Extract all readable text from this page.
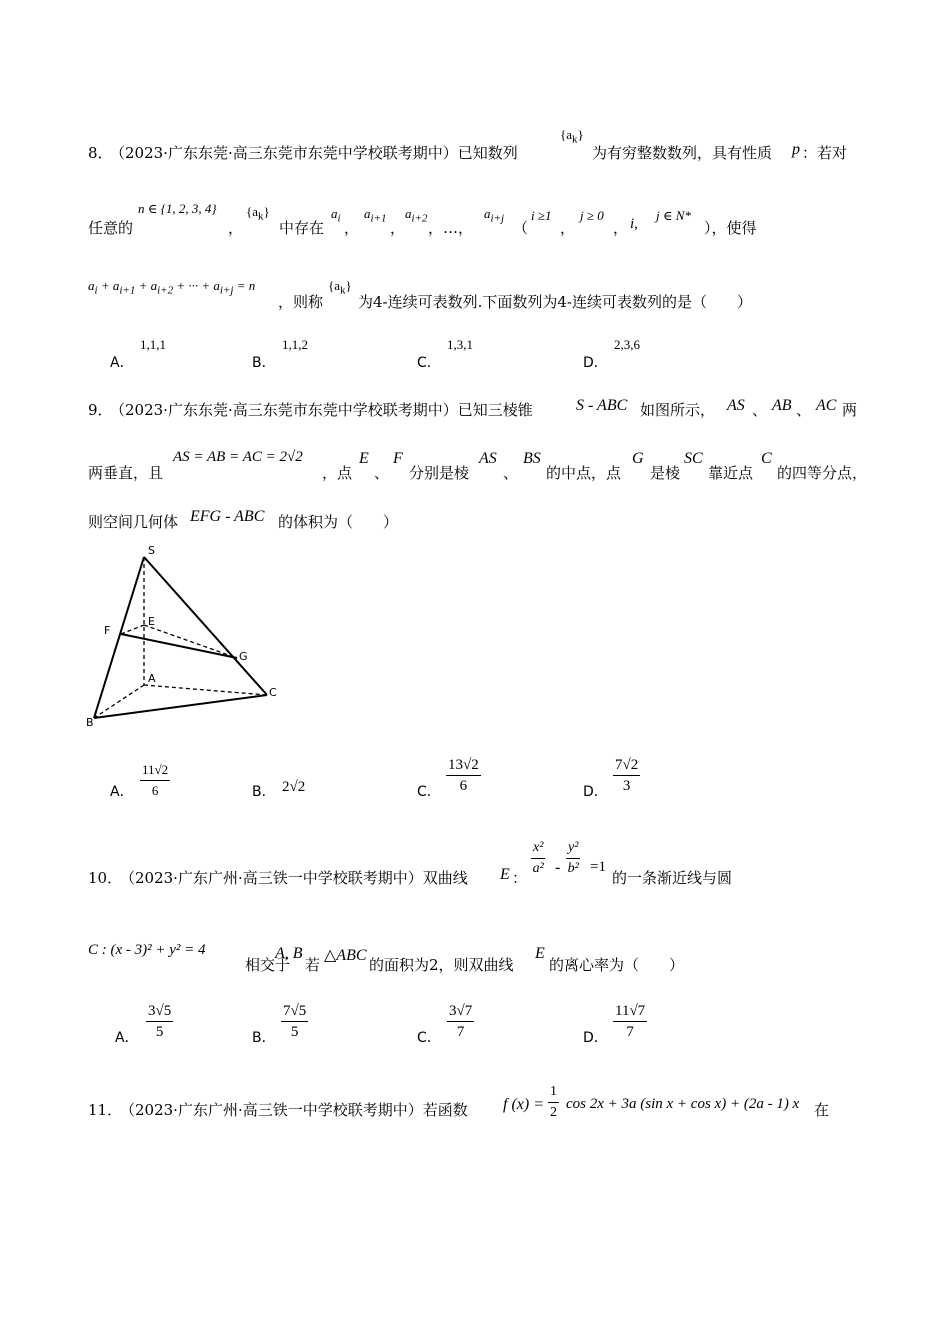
8．
（2023·广东东莞·高三东莞市东莞中学校联考期中）已知数列
$\{a_k\}$
为有穷整数数列，具有性质 p ：若对
任意的
n ∈ {1, 2, 3, 4}
，
$\{a_k\}$
中存在
$a_i$
，
$a_{i+1}$
，
$a_{i+2}$
，…，
$a_{i+j}$
（
i ≥1
，
j ≥ 0
， i,
j ∈ N*
），使得
$a_i + a_{i+1} + a_{i+2}$ + ··· + $a_{i+j} = n$
，则称
$\{a_k\}$
为4-连续可表数列.下面数列为4-连续可表数列的是（　　）
A．
1,1,1
B．
1,1,2
C．
1,3,1
D．
2,3,6
9．
（2023·广东东莞·高三东莞市东莞中学校联考期中）已知三棱锥	S - ABC 如图所示， AS 、 AB 、 AC 两
两垂直，且
AS = AB = AC = 2√2
，点
E
、
F
分别是棱
AS
、
BS
的中点，点
G
是棱
SC
靠近点
C
的四等分点，
则空间几何体 EFG - ABC 的体积为（　　）
S
E
F
G
A
B
C
A． $\frac{11√2}{6}$	B． 2√2	C． $\frac{13√2}{6}$	D． $\frac{7√2}{3}$
10．
（2023·广东广州·高三铁一中学校联考期中）双曲线 E ： $\frac{\text{x²}}{\text{a²}} - \frac{\text{y²}}{\text{b²}} =1$
的一条渐近线与圆
C : (x - 3)² + y² = 4
相交于
A, B
若
△ABC
的面积为2，则双曲线
E
的离心率为（　　）
A． $\frac{3√5}{5}$	B． $\frac{7√5}{5}$	C． $\frac{3√7}{7}$	D． $\frac{11√7}{7}$
11．
（2023·广东广州·高三铁一中学校联考期中）若函数 f $(x) = \frac{1}{2}$ cos 2x + 3a (sin x + cos x) + (2a - 1) x 在
